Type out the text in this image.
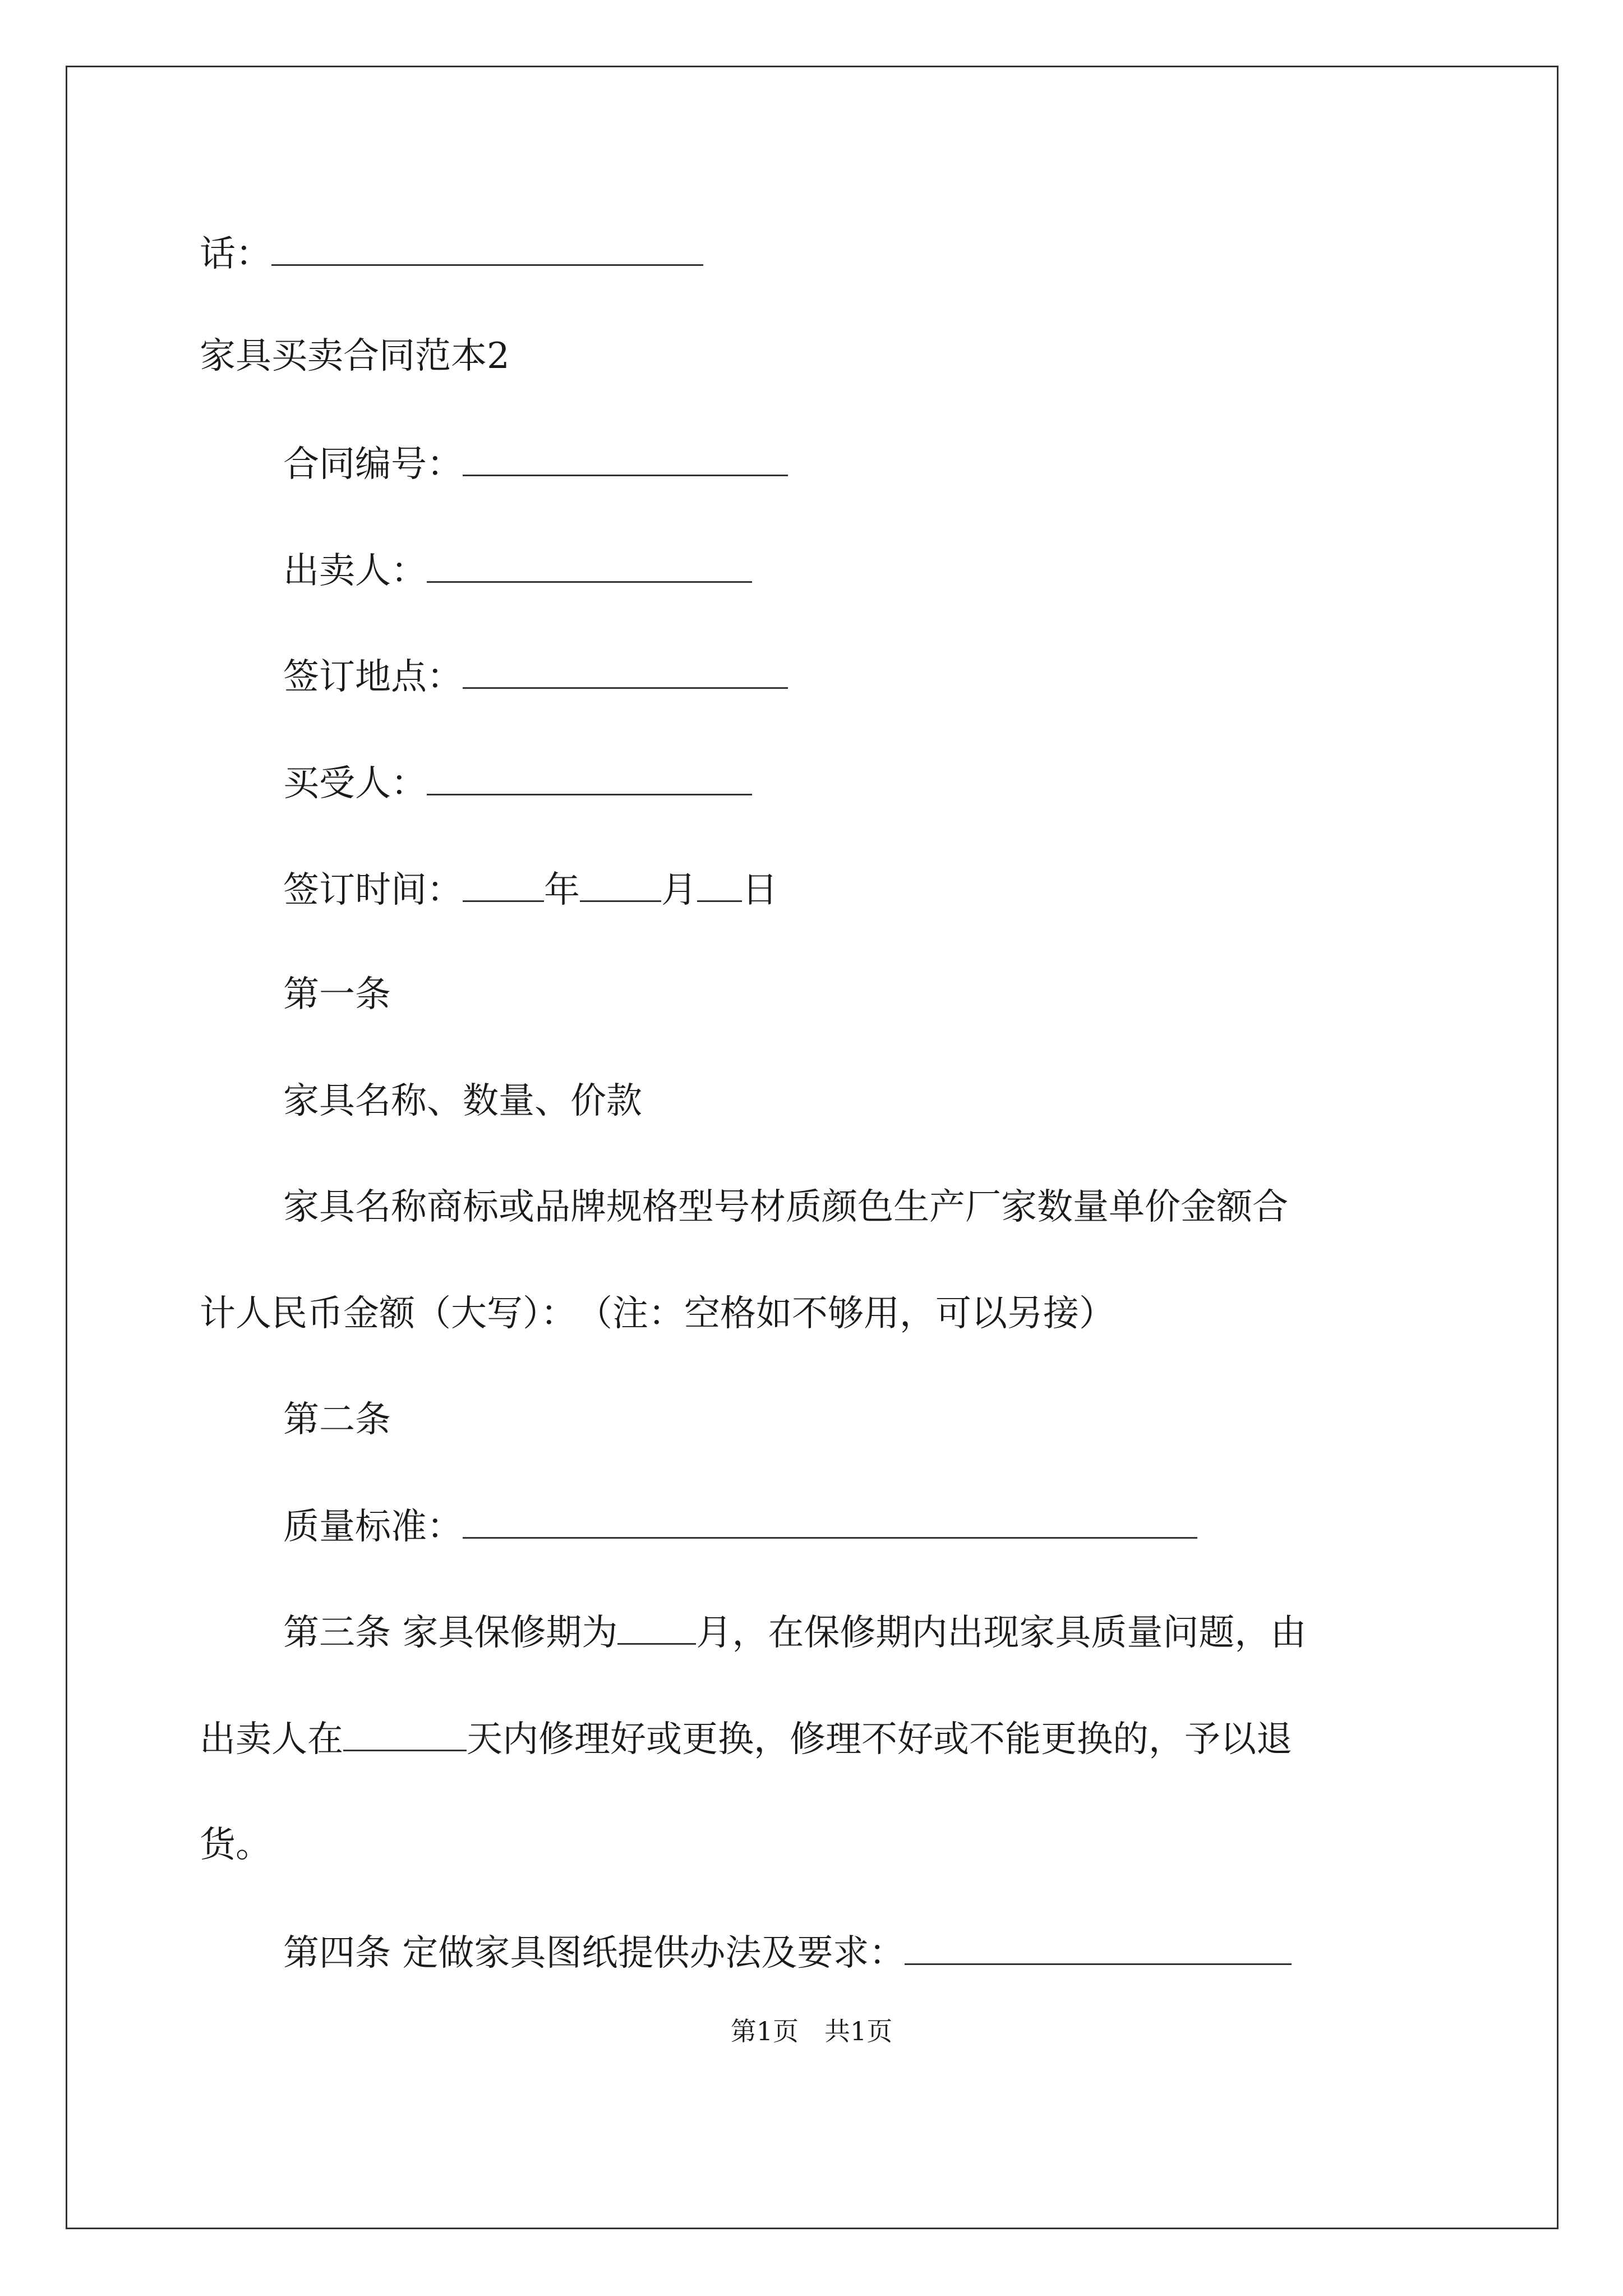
话：
家具买卖合同范本2
合同编号：
出卖人：
签订地点：
买受人：
签订时间： 年 月 日
第一条
家具名称、数量、价款
家具名称商标或品牌规格型号材质颜色生产厂家数量单价金额合
计人民币金额（大写）：　（注：空格如不够用，可以另接）
第二条
质量标准：
第三条 家具保修期为 月，在保修期内出现家具质量问题，由
出卖人在	天内修理好或更换，修理不好或不能更换的，予以退
货。
第四条 定做家具图纸提供办法及要求：
第1页　共1页
